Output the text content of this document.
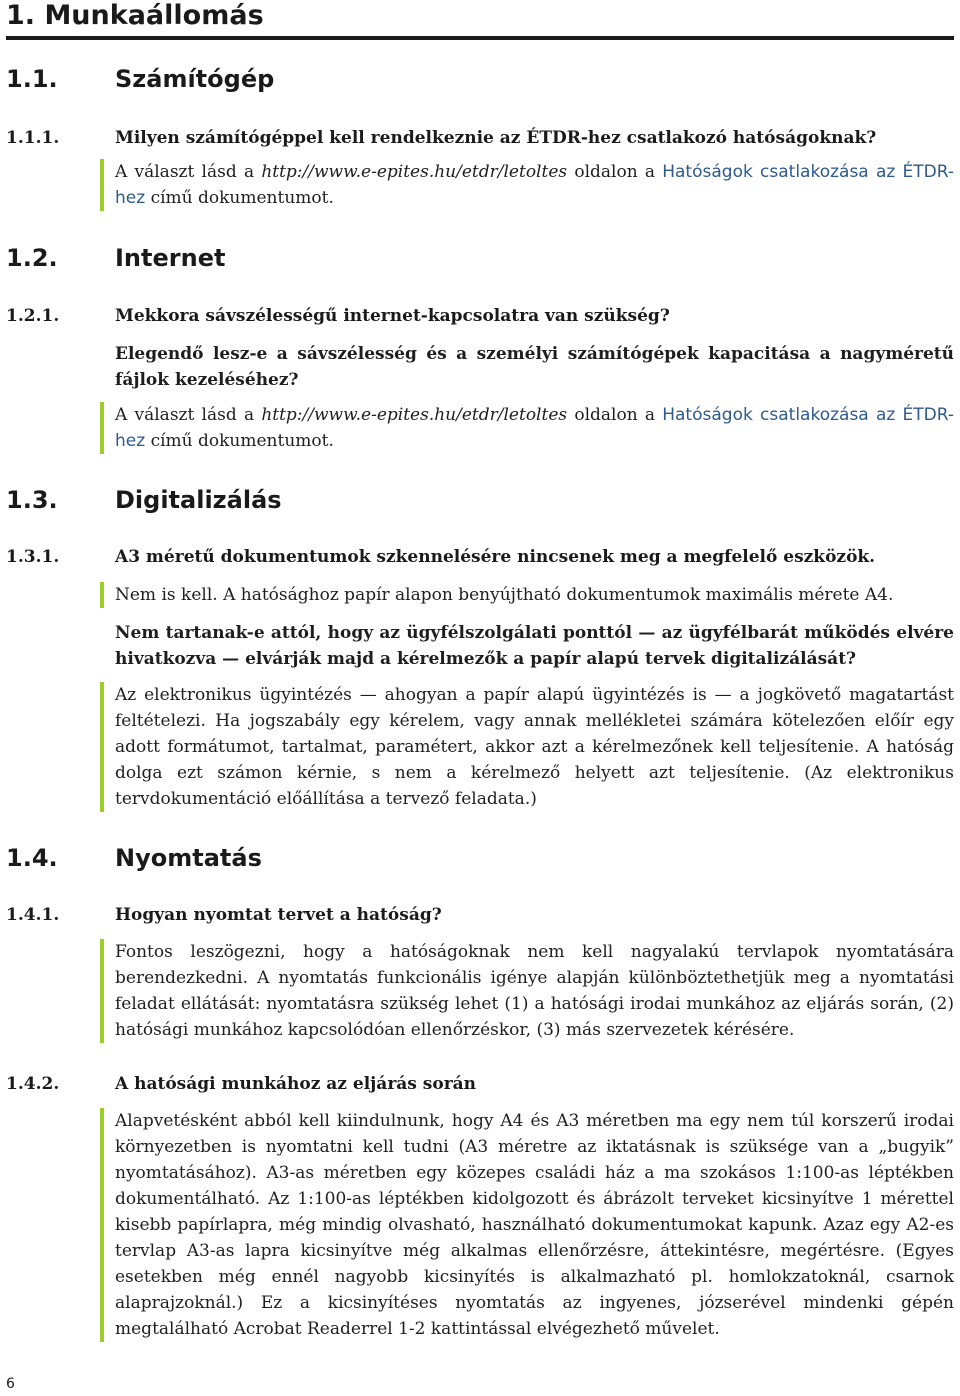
1. Munkaállomás
1.1. Számítógép
1.1.1.	Milyen számítógéppel kell rendelkeznie az ÉTDR-hez csatlakozó hatóságoknak?

A választ lásd a http://www.e-epites.hu/etdr/letoltes oldalon a Hatóságok csatlakozása az ÉTDR-hez című dokumentumot.

1.2. Internet
1.2.1.	Mekkora sávszélességű internet-kapcsolatra van szükség?
Elegendő lesz-e a sávszélesség és a személyi számítógépek kapacitása a nagyméretű fájlok kezeléséhez?

A választ lásd a http://www.e-epites.hu/etdr/letoltes oldalon a Hatóságok csatlakozása az ÉTDR-hez című dokumentumot.

1.3. Digitalizálás
1.3.1.	A3 méretű dokumentumok szkennelésére nincsenek meg a megfelelő eszközök.

Nem is kell. A hatósághoz papír alapon benyújtható dokumentumok maximális mérete A4.

Nem tartanak-e attól, hogy az ügyfélszolgálati ponttól — az ügyfélbarát működés elvére hivatkozva — elvárják majd a kérelmezők a papír alapú tervek digitalizálását?

Az elektronikus ügyintézés — ahogyan a papír alapú ügyintézés is — a jogkövető magatartást feltételezi. Ha jogszabály egy kérelem, vagy annak mellékletei számára kötelezően előír egy adott formátumot, tartalmat, paramétert, akkor azt a kérelmezőnek kell teljesítenie. A hatóság dolga ezt számon kérnie, s nem a kérelmező helyett azt teljesítenie. (Az elektronikus tervdokumentáció előállítása a tervező feladata.)

1.4. Nyomtatás
1.4.1.	Hogyan nyomtat tervet a hatóság?

Fontos leszögezni, hogy a hatóságoknak nem kell nagyalakú tervlapok nyomtatására berendezkedni. A nyomtatás funkcionális igénye alapján különböztethetjük meg a nyomtatási feladat ellátását: nyomtatásra szükség lehet (1) a hatósági irodai munkához az eljárás során, (2) hatósági munkához kapcsolódóan ellenőrzéskor, (3) más szervezetek kérésére.

1.4.2.	A hatósági munkához az eljárás során

Alapvetésként abból kell kiindulnunk, hogy A4 és A3 méretben ma egy nem túl korszerű irodai környezetben is nyomtatni kell tudni (A3 méretre az iktatásnak is szüksége van a „bugyik” nyomtatásához). A3-as méretben egy közepes családi ház a ma szokásos 1:100-as léptékben dokumentálható. Az 1:100-as léptékben kidolgozott és ábrázolt terveket kicsinyítve 1 mérettel kisebb papírlapra, még mindig olvasható, használható dokumentumokat kapunk. Azaz egy A2-es tervlap A3-as lapra kicsinyítve még alkalmas ellenőrzésre, áttekintésre, megértésre. (Egyes esetekben még ennél nagyobb kicsinyítés is alkalmazható pl. homlokzatoknál, csarnok alaprajzoknál.) Ez a kicsinyítéses nyomtatás az ingyenes, józserével mindenki gépén megtalálható Acrobat Readerrel 1-2 kattintással elvégezhető művelet.

6
